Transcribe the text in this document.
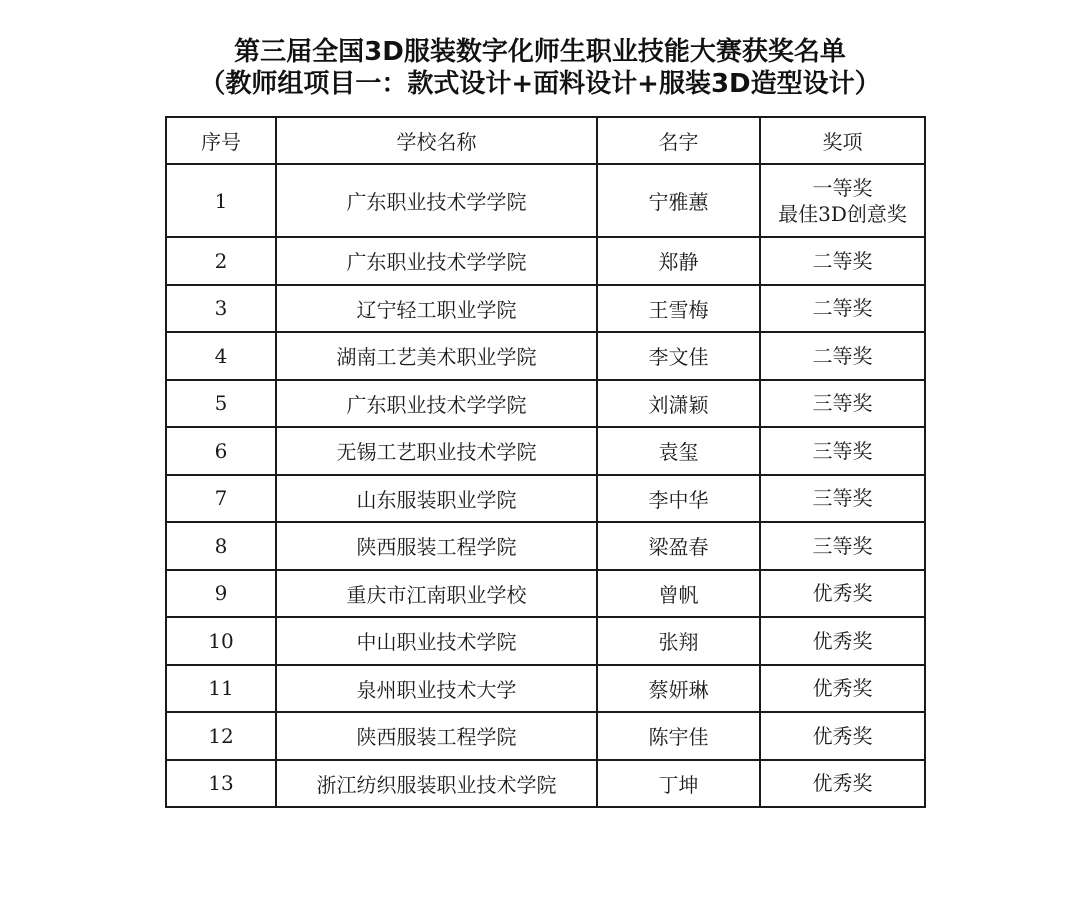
第三届全国3D服装数字化师生职业技能大赛获奖名单
（教师组项目一：款式设计+面料设计+服装3D造型设计）
序号	学校名称	名字	奖项
1	广东职业技术学学院	宁雅蕙	一等奖
最佳3D创意奖

2	广东职业技术学学院	郑静	二等奖

3	辽宁轻工职业学院	王雪梅	二等奖

4	湖南工艺美术职业学院	李文佳	二等奖

5	广东职业技术学学院	刘潇颖	三等奖

6	无锡工艺职业技术学院	袁玺	三等奖

7	山东服装职业学院	李中华	三等奖

8	陕西服装工程学院	梁盈春	三等奖

9	重庆市江南职业学校	曾帆	优秀奖

10	中山职业技术学院	张翔	优秀奖

11	泉州职业技术大学	蔡妍琳	优秀奖

12	陕西服装工程学院	陈宇佳	优秀奖

13	浙江纺织服装职业技术学院	丁坤	优秀奖
